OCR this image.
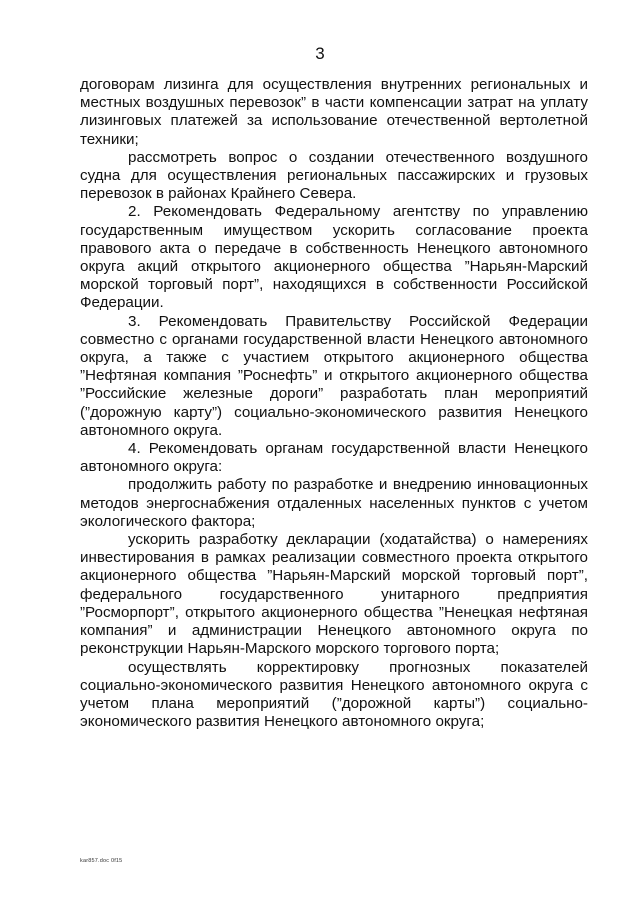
3

договорам лизинга для осуществления внутренних региональных и местных воздушных перевозок” в части компенсации затрат на уплату лизинговых платежей за использование отечественной вертолетной техники;

рассмотреть вопрос о создании отечественного воздушного судна для осуществления региональных пассажирских и грузовых перевозок в районах Крайнего Севера.

2. Рекомендовать Федеральному агентству по управлению государственным имуществом ускорить согласование проекта правового акта о передаче в собственность Ненецкого автономного округа акций открытого акционерного общества ”Нарьян-Марский морской торговый порт”, находящихся в собственности Российской Федерации.

3. Рекомендовать Правительству Российской Федерации совместно с органами государственной власти Ненецкого автономного округа, а также с участием открытого акционерного общества ”Нефтяная компания ”Роснефть” и открытого акционерного общества ”Российские железные дороги” разработать план мероприятий (”дорожную карту”) социально-экономического развития Ненецкого автономного округа.

4. Рекомендовать органам государственной власти Ненецкого автономного округа:

продолжить работу по разработке и внедрению инновационных методов энергоснабжения отдаленных населенных пунктов с учетом экологического фактора;

ускорить разработку декларации (ходатайства) о намерениях инвестирования в рамках реализации совместного проекта открытого акционерного общества ”Нарьян-Марский морской торговый порт”, федерального государственного унитарного предприятия ”Росморпорт”, открытого акционерного общества ”Ненецкая нефтяная компания” и администрации Ненецкого автономного округа по реконструкции Нарьян-Марского морского торгового порта;

осуществлять корректировку прогнозных показателей социально-экономического развития Ненецкого автономного округа с учетом плана мероприятий (”дорожной карты”) социально-экономического развития Ненецкого автономного округа;

kar857.doc 0f15
